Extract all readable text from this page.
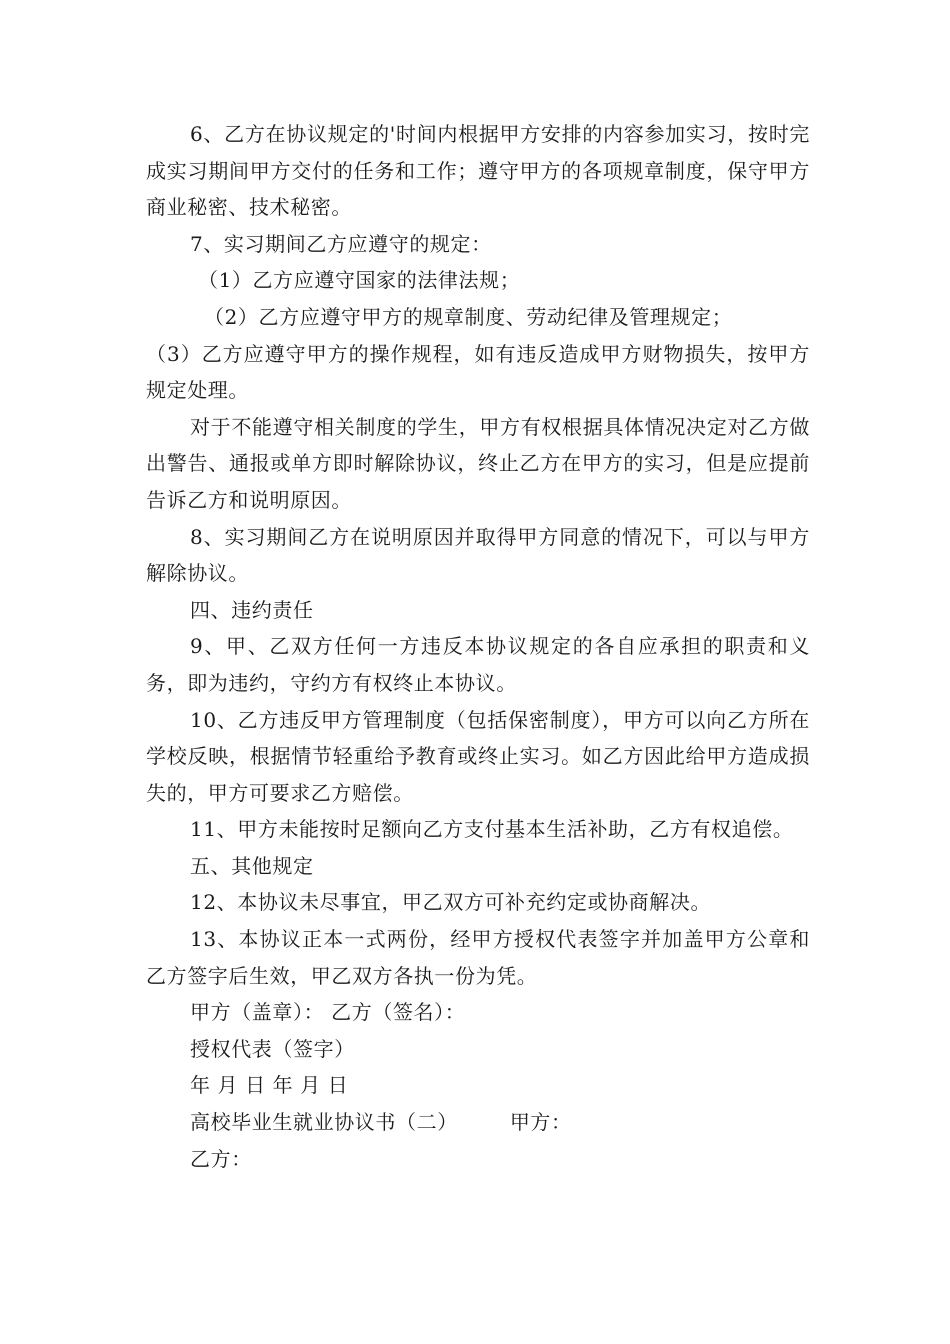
6、乙方在协议规定的'时间内根据甲方安排的内容参加实习，按时完成实习期间甲方交付的任务和工作；遵守甲方的各项规章制度，保守甲方商业秘密、技术秘密。

7、实习期间乙方应遵守的规定：

（1）乙方应遵守国家的法律法规；

（2）乙方应遵守甲方的规章制度、劳动纪律及管理规定；

（3）乙方应遵守甲方的操作规程，如有违反造成甲方财物损失，按甲方规定处理。

对于不能遵守相关制度的学生，甲方有权根据具体情况决定对乙方做出警告、通报或单方即时解除协议，终止乙方在甲方的实习，但是应提前告诉乙方和说明原因。

8、实习期间乙方在说明原因并取得甲方同意的情况下，可以与甲方解除协议。

四、违约责任

9、甲、乙双方任何一方违反本协议规定的各自应承担的职责和义务，即为违约，守约方有权终止本协议。

10、乙方违反甲方管理制度（包括保密制度），甲方可以向乙方所在学校反映，根据情节轻重给予教育或终止实习。如乙方因此给甲方造成损失的，甲方可要求乙方赔偿。

11、甲方未能按时足额向乙方支付基本生活补助，乙方有权追偿。

五、其他规定

12、本协议未尽事宜，甲乙双方可补充约定或协商解决。

13、本协议正本一式两份，经甲方授权代表签字并加盖甲方公章和乙方签字后生效，甲乙双方各执一份为凭。

甲方（盖章）： 乙方（签名）：

授权代表（签字）

年 月 日 年 月 日

高校毕业生就业协议书（二）	甲方：

乙方：
